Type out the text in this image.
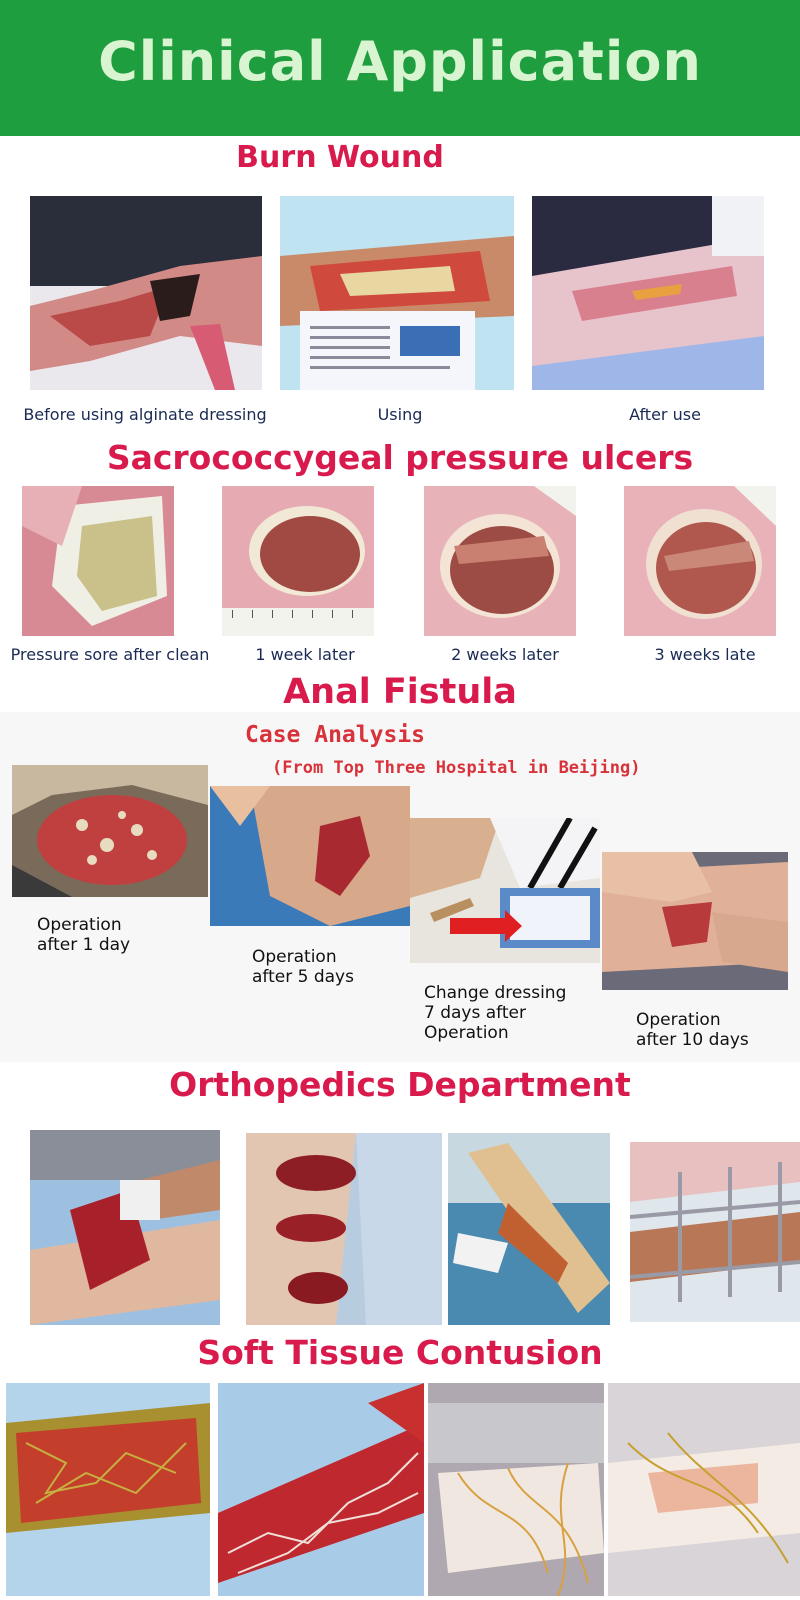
Clinical Application
Burn Wound
Before using alginate dressing	Using	After use
Sacrococcygeal pressure ulcers
Pressure sore after clean	1 week later	2 weeks later	3 weeks late
Anal Fistula
Case Analysis
(From Top Three Hospital in Beijing)
Operation
after 1 day
Operation
after 5 days
Change dressing
7 days after
Operation
Operation
after 10 days
Orthopedics Department
Soft Tissue Contusion
